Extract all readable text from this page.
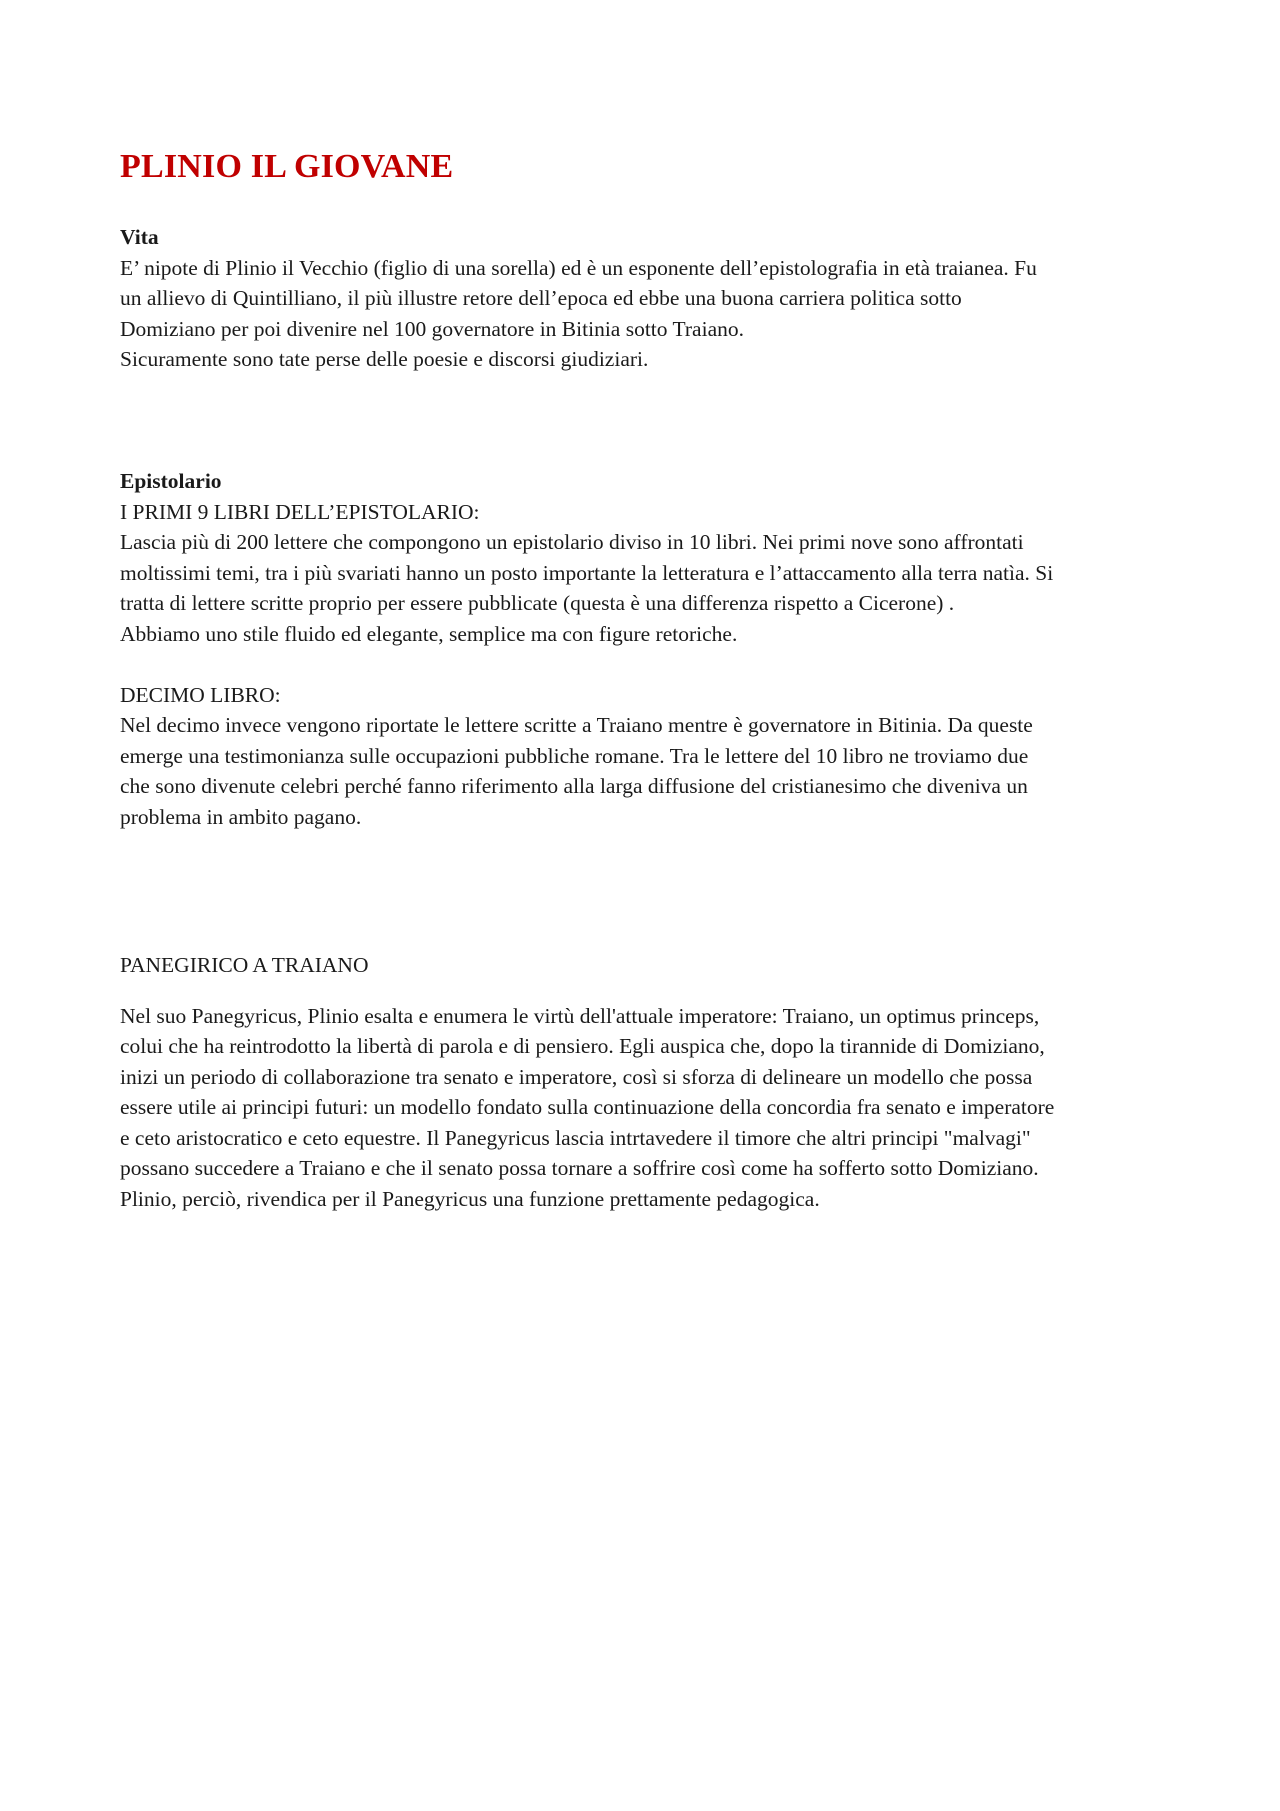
PLINIO IL GIOVANE
Vita
E’ nipote di Plinio il Vecchio (figlio di una sorella) ed è un esponente dell’epistolografia in età traianea. Fu
un allievo di Quintilliano, il più illustre retore dell’epoca ed ebbe una buona carriera politica sotto
Domiziano per poi divenire nel 100 governatore in Bitinia sotto Traiano.
Sicuramente sono tate perse delle poesie e discorsi giudiziari.
Epistolario
I PRIMI 9 LIBRI DELL’EPISTOLARIO:
Lascia più di 200 lettere che compongono un epistolario diviso in 10 libri. Nei primi nove sono affrontati
moltissimi temi, tra i più svariati hanno un posto importante la letteratura e l’attaccamento alla terra natìa. Si
tratta di lettere scritte proprio per essere pubblicate (questa è una differenza rispetto a Cicerone) .
Abbiamo uno stile fluido ed elegante, semplice ma con figure retoriche.
DECIMO LIBRO:
Nel decimo invece vengono riportate le lettere scritte a Traiano mentre è governatore in Bitinia. Da queste
emerge una testimonianza sulle occupazioni pubbliche romane. Tra le lettere del 10 libro ne troviamo due
che sono divenute celebri perché fanno riferimento alla larga diffusione del cristianesimo che diveniva un
problema in ambito pagano.
PANEGIRICO A TRAIANO
Nel suo Panegyricus, Plinio esalta e enumera le virtù dell'attuale imperatore: Traiano, un optimus princeps,
colui che ha reintrodotto la libertà di parola e di pensiero. Egli auspica che, dopo la tirannide di Domiziano,
inizi un periodo di collaborazione tra senato e imperatore, così si sforza di delineare un modello che possa
essere utile ai principi futuri: un modello fondato sulla continuazione della concordia fra senato e imperatore
e ceto aristocratico e ceto equestre. Il Panegyricus lascia intrtavedere il timore che altri principi "malvagi"
possano succedere a Traiano e che il senato possa tornare a soffrire così come ha sofferto sotto Domiziano.
Plinio, perciò, rivendica per il Panegyricus una funzione prettamente pedagogica.
